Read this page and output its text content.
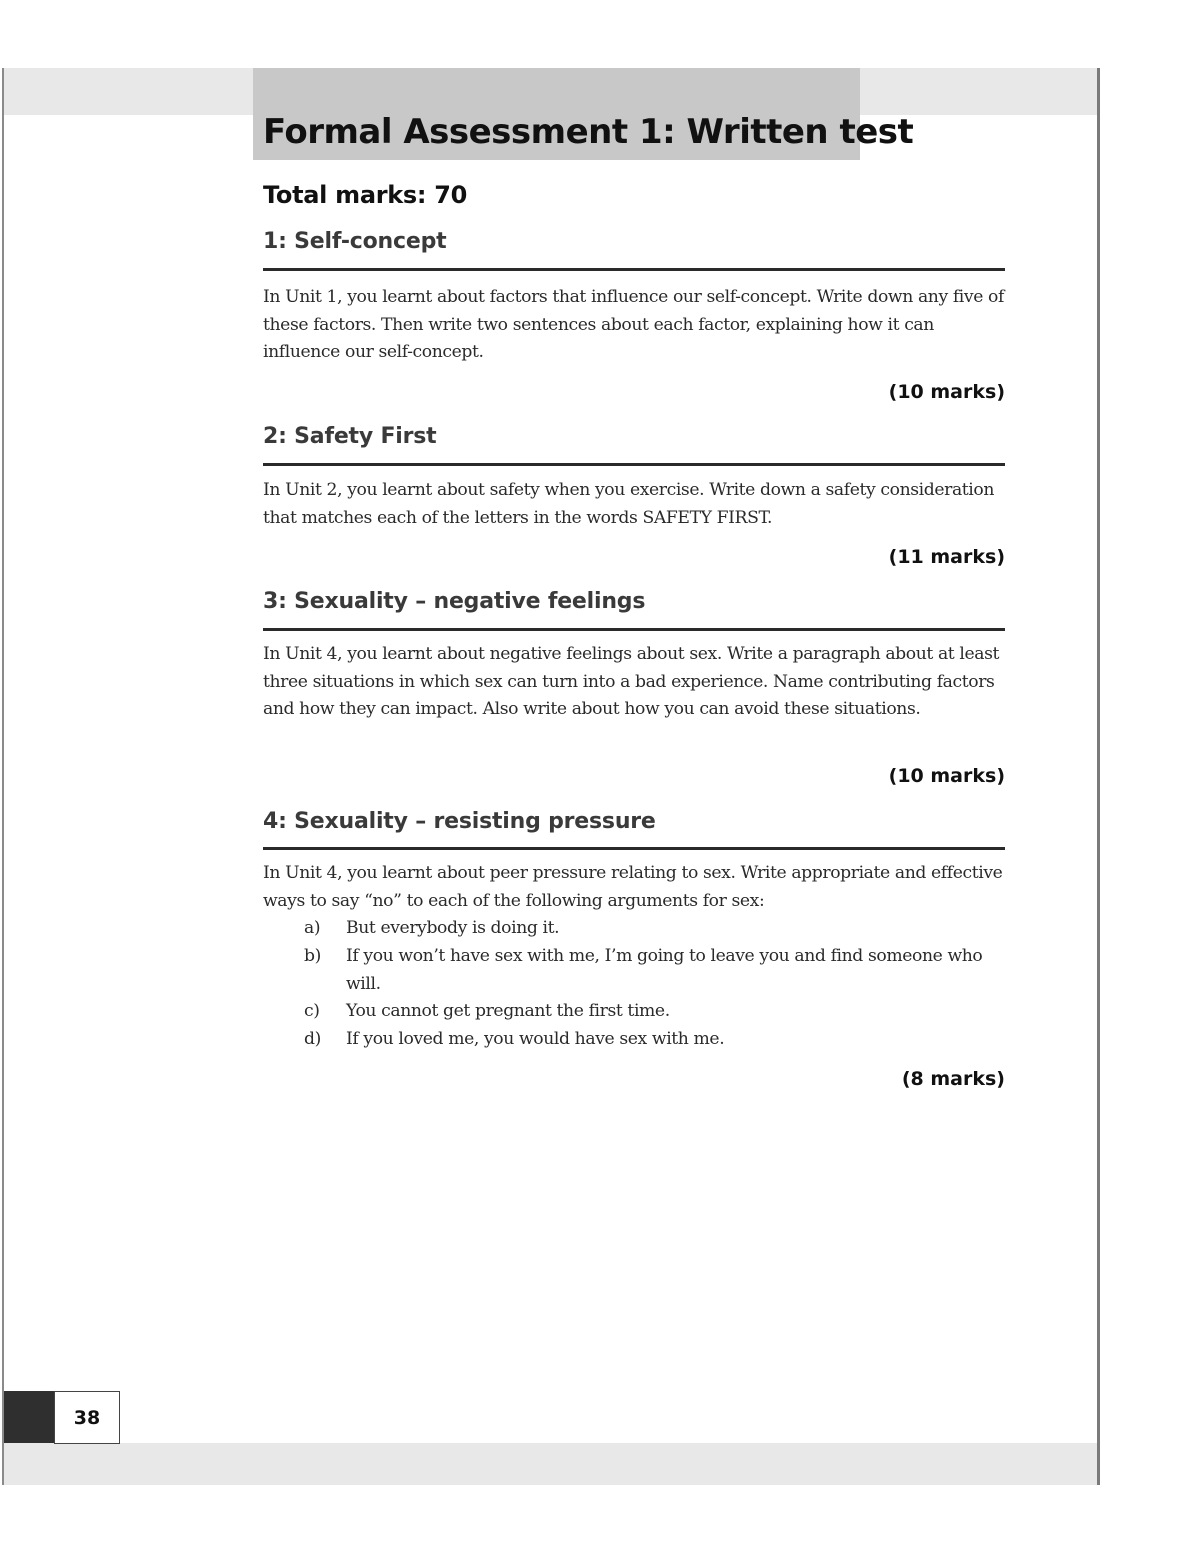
Formal Assessment 1: Written test
Total marks: 70
1: Self-concept

In Unit 1, you learnt about factors that influence our self-concept. Write down any five of these factors. Then write two sentences about each factor, explaining how it can influence our self-concept.

(10 marks)

2: Safety First

In Unit 2, you learnt about safety when you exercise. Write down a safety consideration that matches each of the letters in the words SAFETY FIRST.

(11 marks)

3: Sexuality – negative feelings

In Unit 4, you learnt about negative feelings about sex. Write a paragraph about at least three situations in which sex can turn into a bad experience. Name contributing factors and how they can impact. Also write about how you can avoid these situations.

(10 marks)

4: Sexuality – resisting pressure

In Unit 4, you learnt about peer pressure relating to sex. Write appropriate and effective ways to say “no” to each of the following arguments for sex:

a) But everybody is doing it.
b) If you won’t have sex with me, I’m going to leave you and find someone who will.
c) You cannot get pregnant the first time.
d) If you loved me, you would have sex with me.

(8 marks)

38
